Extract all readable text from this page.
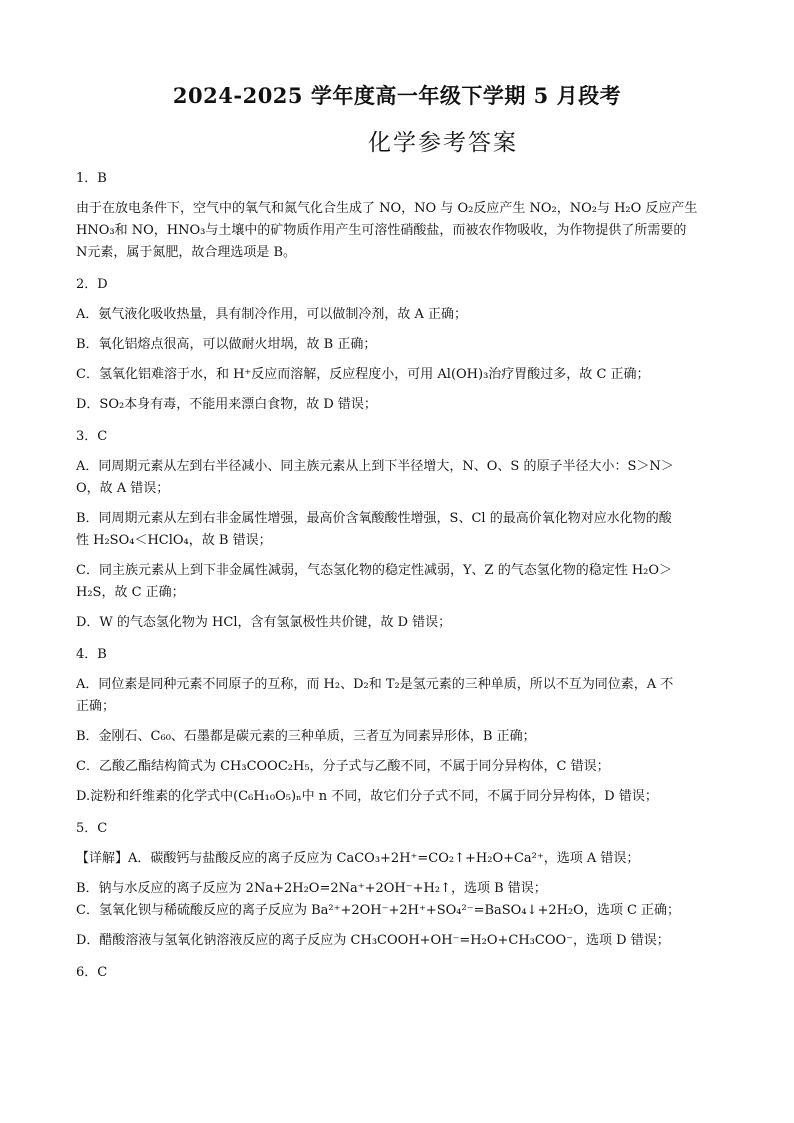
2024-2025 学年度高一年级下学期 5 月段考
化学参考答案
1．B
由于在放电条件下，空气中的氧气和氮气化合生成了 NO，NO 与 O₂反应产生 NO₂，NO₂与 H₂O 反应产生
HNO₃和 NO，HNO₃与土壤中的矿物质作用产生可溶性硝酸盐，而被农作物吸收，为作物提供了所需要的
N元素，属于氮肥，故合理选项是 B。
2．D
A．氨气液化吸收热量，具有制冷作用，可以做制冷剂，故 A 正确；
B．氧化铝熔点很高，可以做耐火坩埚，故 B 正确；
C．氢氧化铝难溶于水，和 H⁺反应而溶解，反应程度小，可用 Al(OH)₃治疗胃酸过多，故 C 正确；
D．SO₂本身有毒，不能用来漂白食物，故 D 错误；
3．C
A．同周期元素从左到右半径减小、同主族元素从上到下半径增大，N、O、S 的原子半径大小：S＞N＞
O，故 A 错误；
B．同周期元素从左到右非金属性增强，最高价含氧酸酸性增强，S、Cl 的最高价氧化物对应水化物的酸
性 H₂SO₄＜HClO₄，故 B 错误；
C．同主族元素从上到下非金属性减弱，气态氢化物的稳定性减弱，Y、Z 的气态氢化物的稳定性 H₂O＞
H₂S，故 C 正确；
D．W 的气态氢化物为 HCl，含有氢氯极性共价键，故 D 错误；
4．B
A．同位素是同种元素不同原子的互称，而 H₂、D₂和 T₂是氢元素的三种单质，所以不互为同位素，A 不
正确；
B．金刚石、C₆₀、石墨都是碳元素的三种单质，三者互为同素异形体，B 正确；
C．乙酸乙酯结构简式为 CH₃COOC₂H₅，分子式与乙酸不同，不属于同分异构体，C 错误；
D.淀粉和纤维素的化学式中(C₆H₁₀O₅)ₙ中 n 不同，故它们分子式不同，不属于同分异构体，D 错误；
5．C
【详解】A．碳酸钙与盐酸反应的离子反应为 CaCO₃+2H⁺=CO₂↑+H₂O+Ca²⁺，选项 A 错误；
B．钠与水反应的离子反应为 2Na+2H₂O=2Na⁺+2OH⁻+H₂↑，选项 B 错误；
C．氢氧化钡与稀硫酸反应的离子反应为 Ba²⁺+2OH⁻+2H⁺+SO₄²⁻=BaSO₄↓+2H₂O，选项 C 正确；
D．醋酸溶液与氢氧化钠溶液反应的离子反应为 CH₃COOH+OH⁻=H₂O+CH₃COO⁻，选项 D 错误；
6．C
